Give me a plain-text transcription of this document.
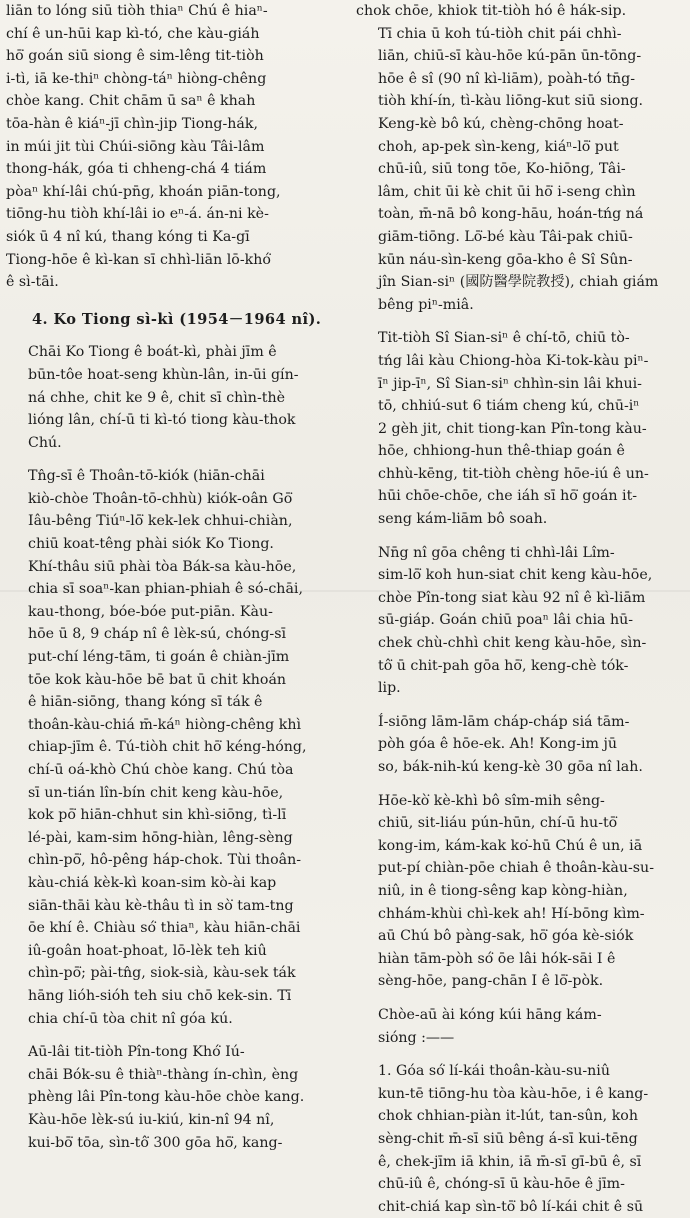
liān to lóng siū tiòh thiaⁿ Chú ê hiaⁿ-
chí ê un-hūi kap kì-tó, che kàu-giáh
hō͘ goán siū siong ê sim-lêng tit-tiòh
i-tì, iā ke-thiⁿ chòng-táⁿ hiòng-chêng
chòe kang. Chit chām ū saⁿ ê khah
tōa-hàn ê kiáⁿ-jī chìn-jip Tiong-hák,
in múi jit tùi Chúi-siōng kàu Tâi-lâm
thong-hák, góa ti chheng-chá 4 tiám
pòaⁿ khí-lâi chú-pn̄g, khoán piān-tong,
tiōng-hu tiòh khí-lâi io eⁿ-á. án-ni kè-
siók ū 4 nî kú, thang kóng ti Ka-gī
Tiong-hōe ê kì-kan sī chhì-liān lō-khó͘
ê sì-tāi.
4. Ko Tiong sì-kì (1954－1964 nî).
Chāi Ko Tiong ê boát-kì, phài jīm ê
būn-tôe hoat-seng khùn-lân, in-ūi gín-
ná chhe, chit ke 9 ê, chit sī chìn-thè
lióng lân, chí-ū ti kì-tó tiong kàu-thok
Chú.
Tn̂g-sī ê Thoân-tō-kiók (hiān-chāi
kiò-chòe Thoân-tō-chhù) kiók-oân Gō͘
Iâu-bêng Tiúⁿ-lō͘ kek-lek chhui-chiàn,
chiū koat-têng phài siók Ko Tiong.
Khí-thâu siū phài tòa Bák-sa kàu-hōe,
chia sī soaⁿ-kan phian-phiah ê só-chāi,
kau-thong, bóe-bóe put-piān. Kàu-
hōe ū 8, 9 cháp nî ê lèk-sú, chóng-sī
put-chí léng-tām, ti goán ê chiàn-jīm
tōe kok kàu-hōe bē bat ū chit khoán
ê hiān-siōng, thang kóng sī ták ê
thoân-kàu-chiá m̄-káⁿ hiòng-chêng khì
chiap-jīm ê. Tú-tiòh chit hō͘ kéng-hóng,
chí-ū oá-khò Chú chòe kang. Chú tòa
sī un-tián lîn-bín chit keng kàu-hōe,
kok pō͘ hiān-chhut sin khì-siōng, tì-lī
lé-pài, kam-sim hōng-hiàn, lêng-sèng
chìn-pō͘, hô-pêng háp-chok. Tùi thoân-
kàu-chiá kèk-kì koan-sim kò-ài kap
siān-thāi kàu kè-thâu tì in sò͘ tam-tng
ōe khí ê. Chiàu só͘ thiaⁿ, kàu hiān-chāi
iû-goân hoat-phoat, lō-lèk teh kiû
chìn-pō͘; pài-tn̂g, siok-sià, kàu-sek ták
hāng lióh-sióh teh siu chō kek-sin. Tī
chia chí-ū tòa chit nî góa kú.
Aū-lâi tit-tiòh Pîn-tong Khó͘ Iú-
chāi Bók-su ê thiàⁿ-thàng ín-chìn, èng
phèng lâi Pîn-tong kàu-hōe chòe kang.
Kàu-hōe lèk-sú iu-kiú, kin-nî 94 nî,
kui-bō͘ tōa, sìn-tô͘ 300 gōa hō͘, kang-
chok chōe, khiok tit-tiòh hó ê hák-sip.
Tī chia ū koh tú-tiòh chit pái chhì-
liān, chiū-sī kàu-hōe kú-pān ūn-tōng-
hōe ê sî (90 nî kì-liām), poàh-tó tn̄g-
tiòh khí-ín, tì-kàu liōng-kut siū siong.
Keng-kè bô kú, chèng-chōng hoat-
choh, ap-pek sìn-keng, kiáⁿ-lō͘ put
chū-iû, siū tong tōe, Ko-hiōng, Tâi-
lâm, chit ūi kè chit ūi hō͘ i-seng chìn
toàn, m̄-nā bô kong-hāu, hoán-tńg ná
giām-tiōng. Lō͘-bé kàu Tâi-pak chiū-
kūn náu-sìn-keng gōa-kho ê Sî Sûn-
jîn Sian-siⁿ (國防醫學院教授), chiah giám
bêng piⁿ-miâ.
Tit-tiòh Sî Sian-siⁿ ê chí-tō, chiū tò-
tńg lâi kàu Chiong-hòa Ki-tok-kàu piⁿ-
īⁿ jip-īⁿ, Sî Sian-siⁿ chhìn-sin lâi khui-
tō, chhiú-sut 6 tiám cheng kú, chū-iⁿ
2 gèh jit, chit tiong-kan Pîn-tong kàu-
hōe, chhiong-hun thê-thiap goán ê
chhù-kēng, tit-tiòh chèng hōe-iú ê un-
hūi chōe-chōe, che iáh sī hō͘ goán it-
seng kám-liām bô soah.
Nn̄g nî gōa chêng ti chhì-lâi Lîm-
sim-lō͘ koh hun-siat chit keng kàu-hōe,
chòe Pîn-tong siat kàu 92 nî ê kì-liām
sū-giáp. Goán chiū poaⁿ lâi chia hū-
chek chù-chhì chit keng kàu-hōe, sìn-
tô͘ ū chit-pah gōa hō͘, keng-chè tók-
lip.
Í-siōng lām-lām cháp-cháp siá tām-
pòh góa ê hōe-ek. Ah! Kong-im jū
so, bák-nih-kú keng-kè 30 gōa nî lah.
Hōe-kò͘ kè-khì bô sîm-mih sêng-
chiū, sit-liáu pún-hūn, chí-ū hu-tō͘
kong-im, kám-kak ko͘-hū Chú ê un, iā
put-pí chiàn-pōe chiah ê thoân-kàu-su-
niû, in ê tiong-sêng kap kòng-hiàn,
chhám-khùi chì-kek ah! Hí-bōng kìm-
aū Chú bô pàng-sak, hō͘ góa kè-siók
hiàn tām-pòh só͘ ōe lâi hók-sāi I ê
sèng-hōe, pang-chān I ê lō͘-pòk.
Chòe-aū ài kóng kúi hāng kám-
sióng :——
1. Góa só͘ lí-kái thoân-kàu-su-niû
kun-tē tiōng-hu tòa kàu-hōe, i ê kang-
chok chhian-piàn it-lút, tan-sûn, koh
sèng-chit m̄-sī siū bêng á-sī kui-tēng
ê, chek-jīm iā khin, iā m̄-sī gī-bū ê, sī
chū-iû ê, chóng-sī ū kàu-hōe ê jīm-
chit-chiá kap sìn-tō͘ bô lí-kái chit ê sū
